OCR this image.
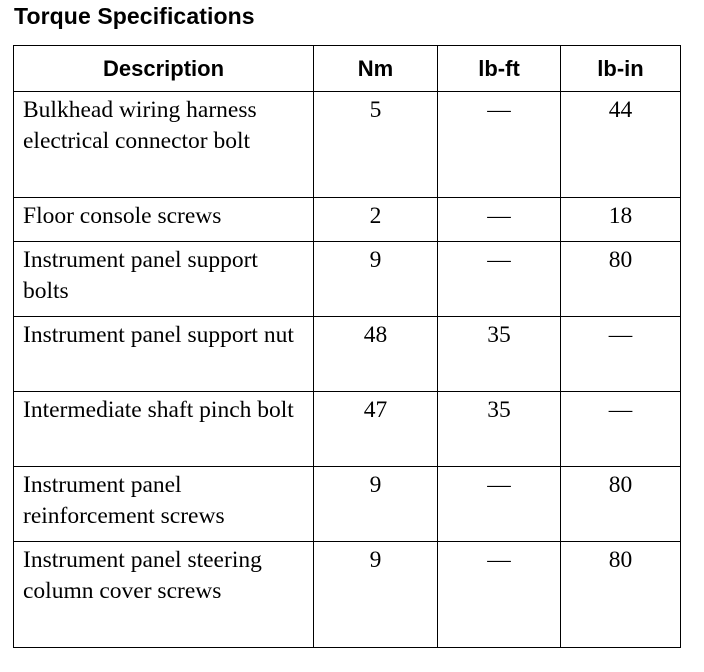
Torque Specifications
Description	Nm	lb-ft	lb-in
Bulkhead wiring harness electrical connector bolt	5	—	44
Floor console screws	2	—	18
Instrument panel support bolts	9	—	80
Instrument panel support nut	48	35	—
Intermediate shaft pinch bolt	47	35	—
Instrument panel reinforcement screws	9	—	80
Instrument panel steering column cover screws	9	—	80
